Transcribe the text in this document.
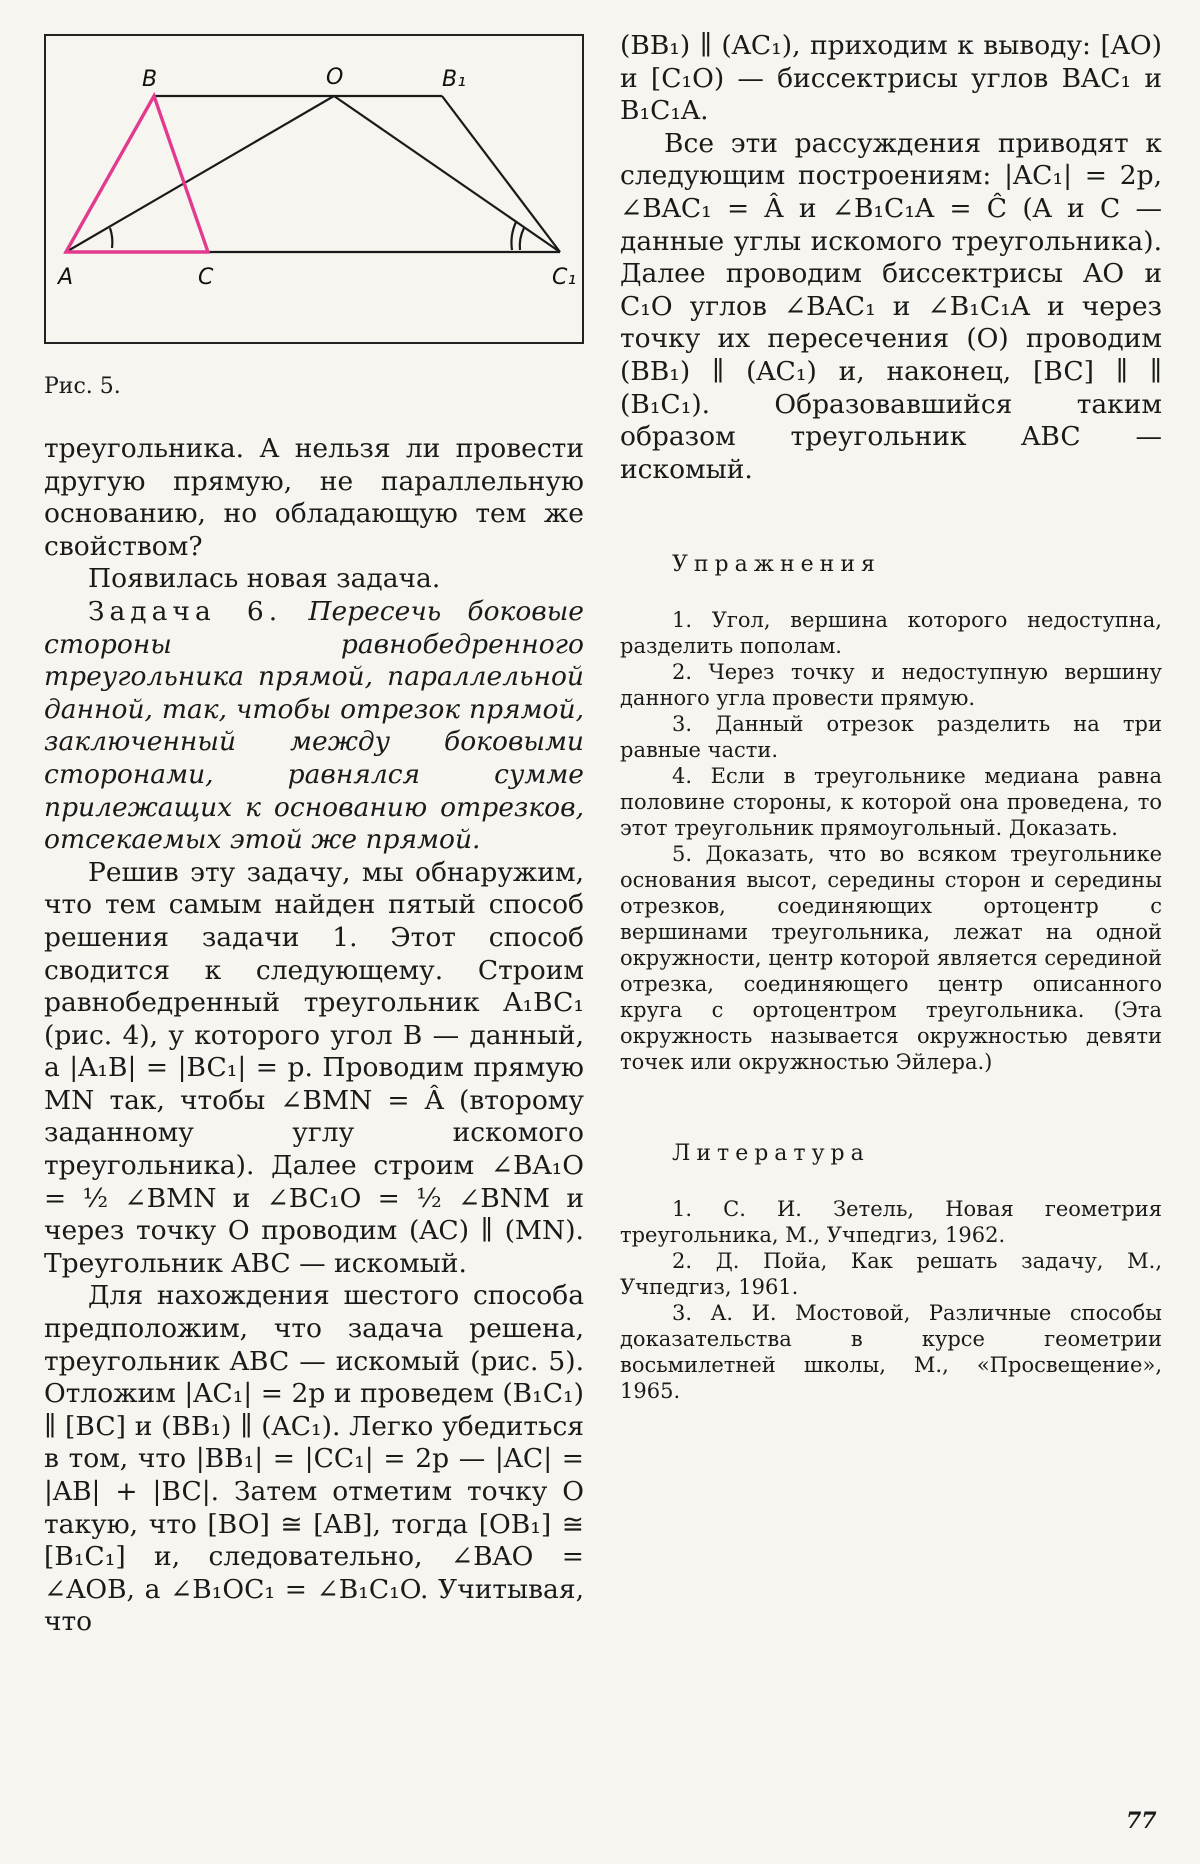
B	O	B₁
A	C	C₁
Рис. 5.

треугольника. А нельзя ли провести другую прямую, не параллельную основанию, но обладающую тем же свойством?

Появилась новая задача.

Задача 6. Пересечь боковые стороны равнобедренного треугольника прямой, параллельной данной, так, чтобы отрезок прямой, заключенный между боковыми сторонами, равнялся сумме прилежащих к основанию отрезков, отсекаемых этой же прямой.

Решив эту задачу, мы обнаружим, что тем самым найден пятый способ решения задачи 1. Этот способ сводится к следующему. Строим равнобедренный треугольник A₁BC₁ (рис. 4), у которого угол B — данный, а |A₁B| = |BC₁| = p. Проводим прямую MN так, чтобы ∠BMN = Â (второму заданному углу искомого треугольника). Далее строим ∠BA₁O = ½ ∠BMN и ∠BC₁O = ½ ∠BNM и через точку O проводим (AC) ∥ (MN). Треугольник ABC — искомый.

Для нахождения шестого способа предположим, что задача решена, треугольник ABC — искомый (рис. 5). Отложим |AC₁| = 2p и проведем (B₁C₁) ∥ [BC] и (BB₁) ∥ (AC₁). Легко убедиться в том, что |BB₁| = |CC₁| = 2p — |AC| = |AB| + |BC|. Затем отметим точку O такую, что [BO] ≅ [AB], тогда [OB₁] ≅ [B₁C₁] и, следовательно, ∠BAO = ∠AOB, а ∠B₁OC₁ = ∠B₁C₁O. Учитывая, что

(BB₁) ∥ (AC₁), приходим к выводу: [AO) и [C₁O) — биссектрисы углов BAC₁ и B₁C₁A.

Все эти рассуждения приводят к следующим построениям: |AC₁| = 2p, ∠BAC₁ = Â и ∠B₁C₁A = Ĉ (A и C — данные углы искомого треугольника). Далее проводим биссектрисы AO и C₁O углов ∠BAC₁ и ∠B₁C₁A и через точку их пересечения (O) проводим (BB₁) ∥ (AC₁) и, наконец, [BC] ∥ ∥ (B₁C₁). Образовавшийся таким образом треугольник ABC — искомый.

Упражнения

1. Угол, вершина которого недоступна, разделить пополам.

2. Через точку и недоступную вершину данного угла провести прямую.

3. Данный отрезок разделить на три равные части.

4. Если в треугольнике медиана равна половине стороны, к которой она проведена, то этот треугольник прямоугольный. Доказать.

5. Доказать, что во всяком треугольнике основания высот, середины сторон и середины отрезков, соединяющих ортоцентр с вершинами треугольника, лежат на одной окружности, центр которой является серединой отрезка, соединяющего центр описанного круга с ортоцентром треугольника. (Эта окружность называется окружностью девяти точек или окружностью Эйлера.)

Литература

1. С. И. Зетель, Новая геометрия треугольника, М., Учпедгиз, 1962.

2. Д. Пойа, Как решать задачу, М., Учпедгиз, 1961.

3. А. И. Мостовой, Различные способы доказательства в курсе геометрии восьмилетней школы, М., «Просвещение», 1965.

77
